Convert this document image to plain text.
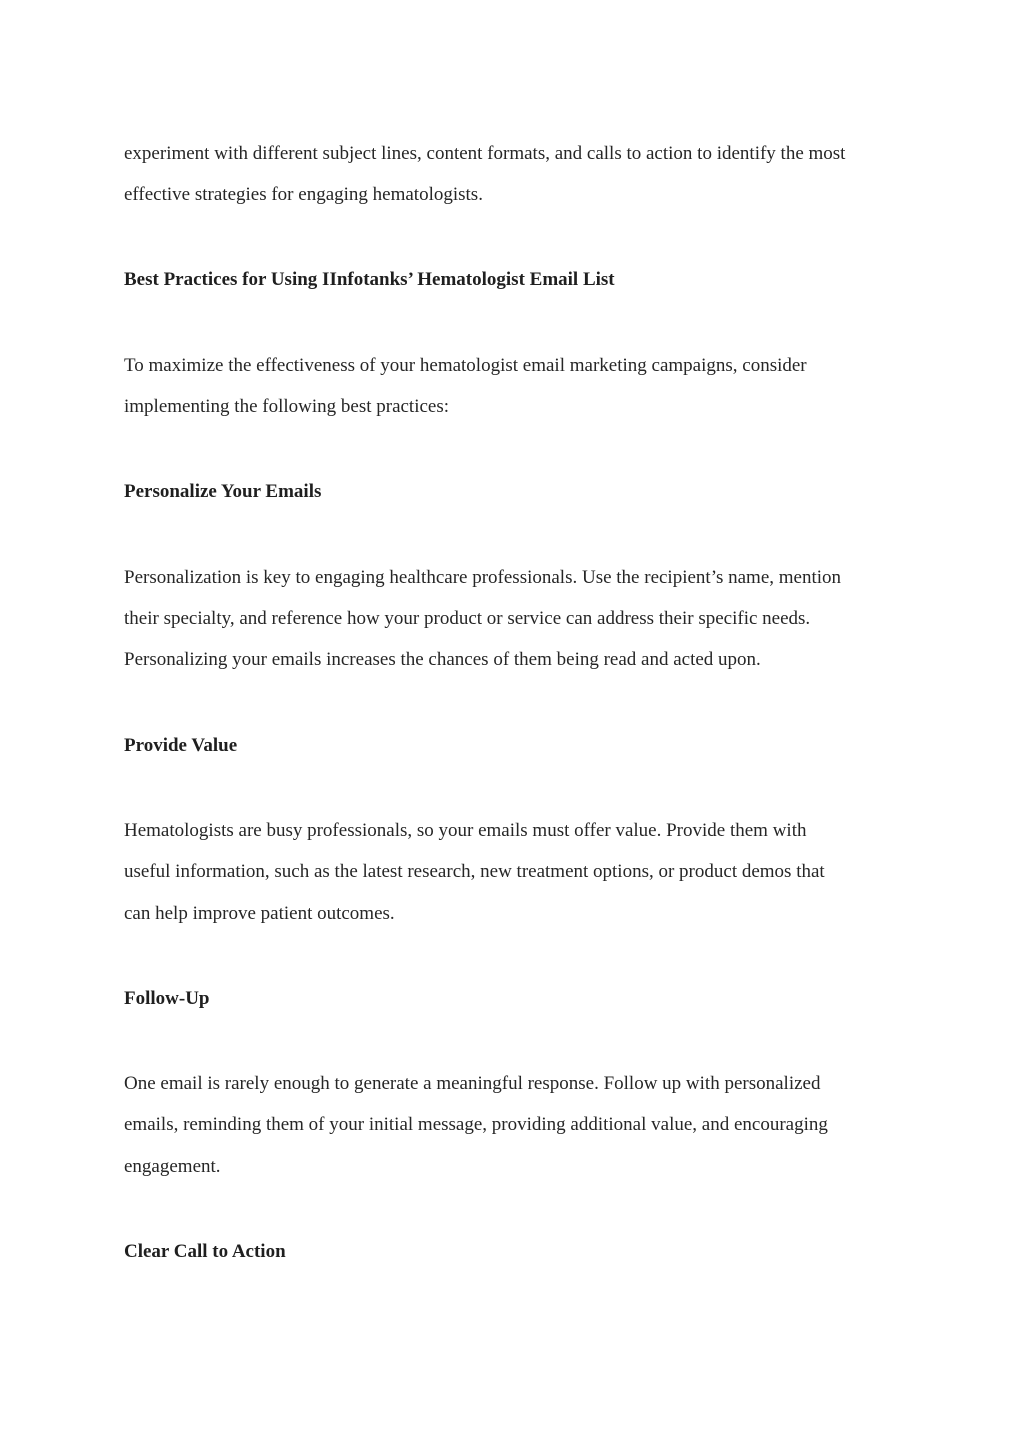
experiment with different subject lines, content formats, and calls to action to identify the most
effective strategies for engaging hematologists.
Best Practices for Using IInfotanks’ Hematologist Email List
To maximize the effectiveness of your hematologist email marketing campaigns, consider
implementing the following best practices:
Personalize Your Emails
Personalization is key to engaging healthcare professionals. Use the recipient’s name, mention
their specialty, and reference how your product or service can address their specific needs.
Personalizing your emails increases the chances of them being read and acted upon.
Provide Value
Hematologists are busy professionals, so your emails must offer value. Provide them with
useful information, such as the latest research, new treatment options, or product demos that
can help improve patient outcomes.
Follow-Up
One email is rarely enough to generate a meaningful response. Follow up with personalized
emails, reminding them of your initial message, providing additional value, and encouraging
engagement.
Clear Call to Action
